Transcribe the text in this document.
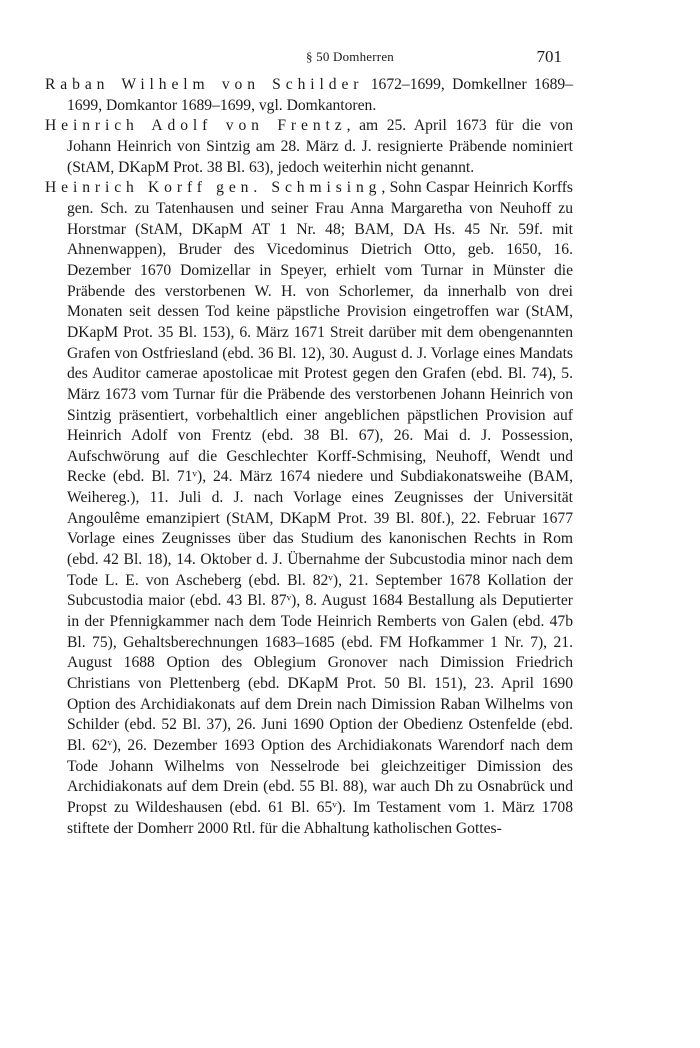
§ 50 Domherren	701

Raban Wilhelm von Schilder 1672–1699, Domkellner 1689–1699, Domkantor 1689–1699, vgl. Domkantoren.

Heinrich Adolf von Frentz, am 25. April 1673 für die von Johann Heinrich von Sintzig am 28. März d. J. resignierte Präbende nominiert (StAM, DKapM Prot. 38 Bl. 63), jedoch weiterhin nicht genannt.

Heinrich Korff gen. Schmising, Sohn Caspar Heinrich Korffs gen. Sch. zu Tatenhausen und seiner Frau Anna Margaretha von Neuhoff zu Horstmar (StAM, DKapM AT 1 Nr. 48; BAM, DA Hs. 45 Nr. 59f. mit Ahnenwappen), Bruder des Vicedominus Dietrich Otto, geb. 1650, 16. Dezember 1670 Domizellar in Speyer, erhielt vom Turnar in Münster die Präbende des verstorbenen W. H. von Schorlemer, da innerhalb von drei Monaten seit dessen Tod keine päpstliche Provision eingetroffen war (StAM, DKapM Prot. 35 Bl. 153), 6. März 1671 Streit darüber mit dem obengenannten Grafen von Ostfriesland (ebd. 36 Bl. 12), 30. August d. J. Vorlage eines Mandats des Auditor camerae apostolicae mit Protest gegen den Grafen (ebd. Bl. 74), 5. März 1673 vom Turnar für die Präbende des verstorbenen Johann Heinrich von Sintzig präsentiert, vorbehaltlich einer angeblichen päpstlichen Provision auf Heinrich Adolf von Frentz (ebd. 38 Bl. 67), 26. Mai d. J. Possession, Aufschwörung auf die Geschlechter Korff-Schmising, Neuhoff, Wendt und Recke (ebd. Bl. 71ᵛ), 24. März 1674 niedere und Subdiakonatsweihe (BAM, Weihereg.), 11. Juli d. J. nach Vorlage eines Zeugnisses der Universität Angoulême emanzipiert (StAM, DKapM Prot. 39 Bl. 80f.), 22. Februar 1677 Vorlage eines Zeugnisses über das Studium des kanonischen Rechts in Rom (ebd. 42 Bl. 18), 14. Oktober d. J. Übernahme der Subcustodia minor nach dem Tode L. E. von Ascheberg (ebd. Bl. 82ᵛ), 21. September 1678 Kollation der Subcustodia maior (ebd. 43 Bl. 87ᵛ), 8. August 1684 Bestallung als Deputierter in der Pfennigkammer nach dem Tode Heinrich Remberts von Galen (ebd. 47b Bl. 75), Gehaltsberechnungen 1683–1685 (ebd. FM Hofkammer 1 Nr. 7), 21. August 1688 Option des Oblegium Gronover nach Dimission Friedrich Christians von Plettenberg (ebd. DKapM Prot. 50 Bl. 151), 23. April 1690 Option des Archidiakonats auf dem Drein nach Dimission Raban Wilhelms von Schilder (ebd. 52 Bl. 37), 26. Juni 1690 Option der Obedienz Ostenfelde (ebd. Bl. 62ᵛ), 26. Dezember 1693 Option des Archidiakonats Warendorf nach dem Tode Johann Wilhelms von Nesselrode bei gleichzeitiger Dimission des Archidiakonats auf dem Drein (ebd. 55 Bl. 88), war auch Dh zu Osnabrück und Propst zu Wildeshausen (ebd. 61 Bl. 65ᵛ). Im Testament vom 1. März 1708 stiftete der Domherr 2000 Rtl. für die Abhaltung katholischen Gottes-
